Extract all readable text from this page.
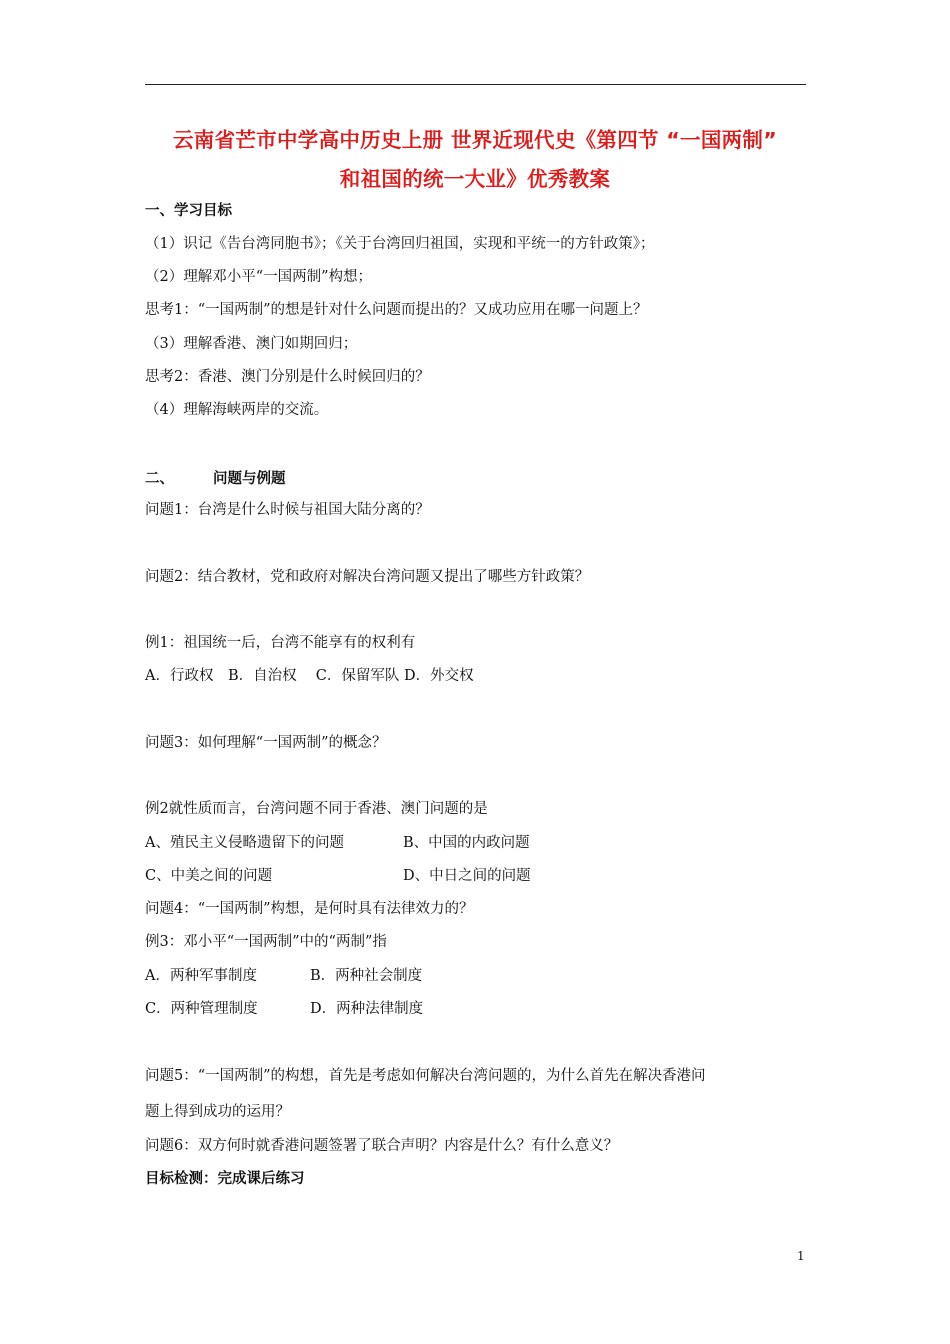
云南省芒市中学高中历史上册 世界近现代史《第四节 “一国两制”
和祖国的统一大业》优秀教案
一、学习目标
（1）识记《告台湾同胞书》；《关于台湾回归祖国，实现和平统一的方针政策》；
（2）理解邓小平“一国两制”构想；
思考1：“一国两制”的想是针对什么问题而提出的？又成功应用在哪一问题上？
（3）理解香港、澳门如期回归；
思考2：香港、澳门分别是什么时候回归的？
（4）理解海峡两岸的交流。
二、	问题与例题
问题1：台湾是什么时候与祖国大陆分离的？
问题2：结合教材，党和政府对解决台湾问题又提出了哪些方针政策？
例1：祖国统一后，台湾不能享有的权利有
A．行政权　B．自治权　 C．保留军队 D．外交权
问题3：如何理解“一国两制”的概念？
例2就性质而言，台湾问题不同于香港、澳门问题的是
A、殖民主义侵略遗留下的问题	B、中国的内政问题
C、中美之间的问题	D、中日之间的问题
问题4：“一国两制”构想，是何时具有法律效力的？
例3：邓小平“一国两制”中的“两制”指
A．两种军事制度	B．两种社会制度
C．两种管理制度	D．两种法律制度
问题5：“一国两制”的构想，首先是考虑如何解决台湾问题的，为什么首先在解决香港问
题上得到成功的运用？
问题6：双方何时就香港问题签署了联合声明？内容是什么？有什么意义？
目标检测：完成课后练习
1
